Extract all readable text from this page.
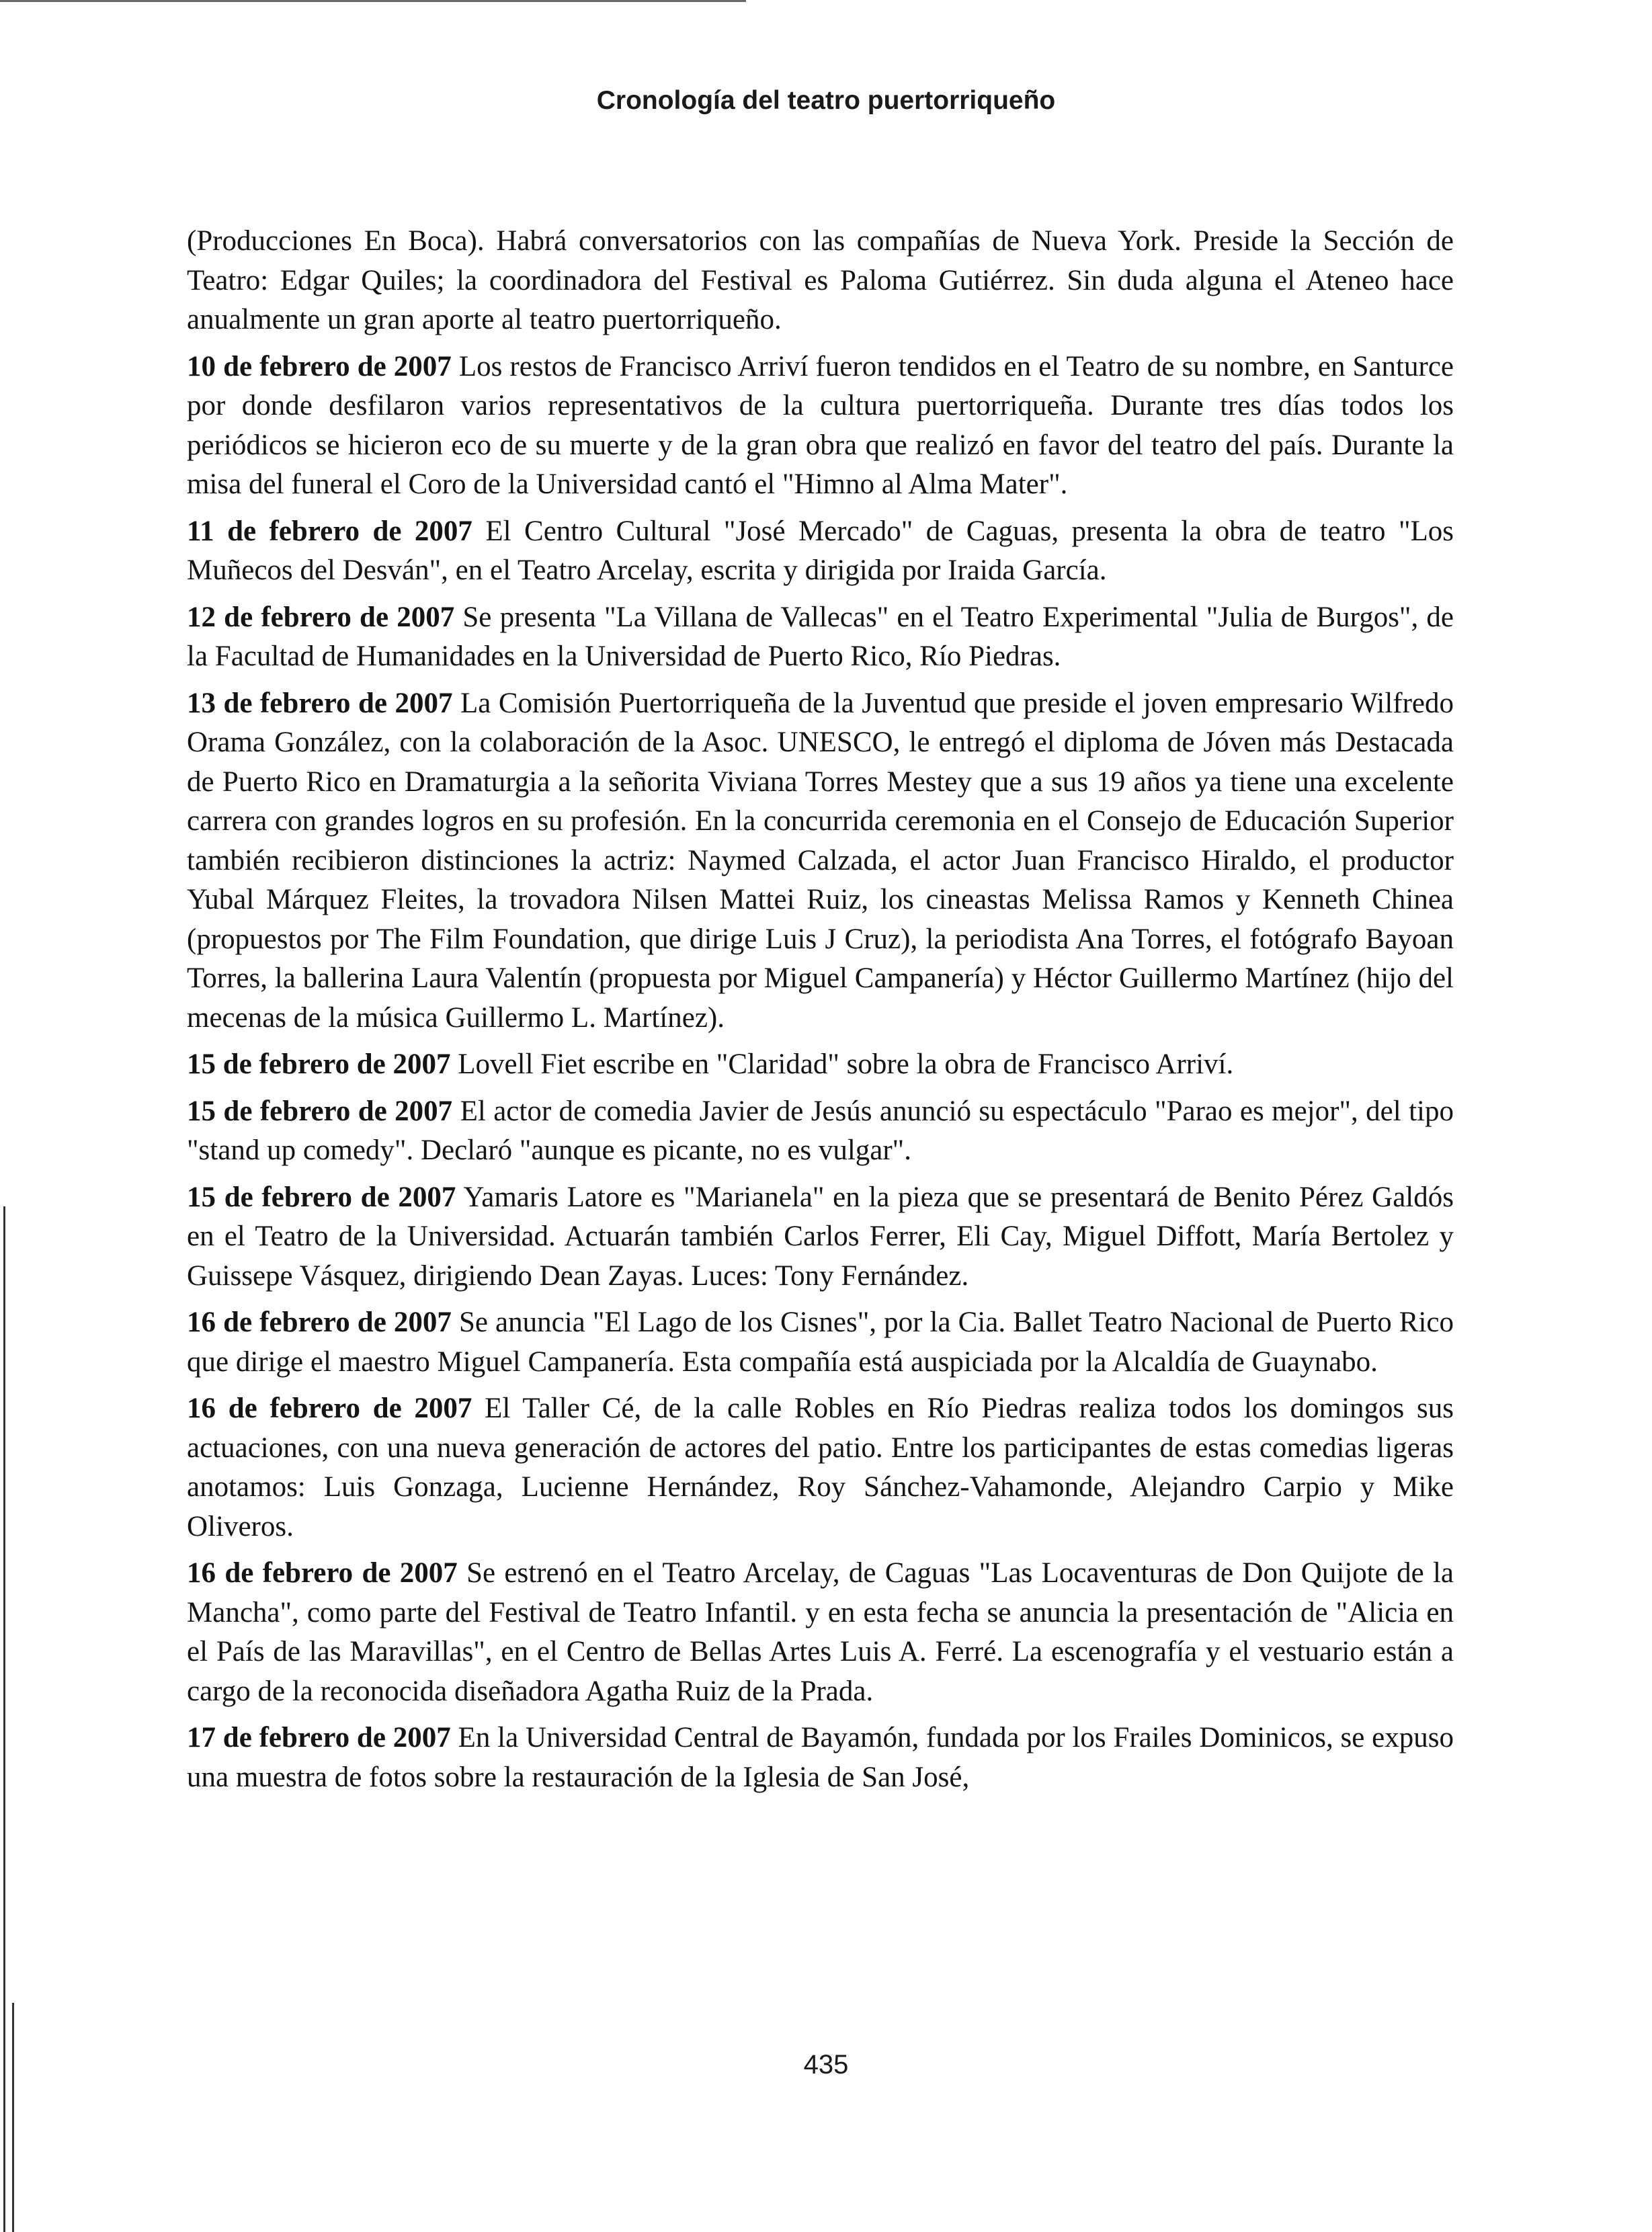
Cronología del teatro puertorriqueño

(Producciones En Boca). Habrá conversatorios con las compañías de Nueva York. Preside la Sección de Teatro: Edgar Quiles; la coordinadora del Festival es Paloma Gutiérrez. Sin duda alguna el Ateneo hace anualmente un gran aporte al teatro puertorriqueño.

10 de febrero de 2007 Los restos de Francisco Arriví fueron tendidos en el Teatro de su nombre, en Santurce por donde desfilaron varios representativos de la cultura puertorriqueña. Durante tres días todos los periódicos se hicieron eco de su muerte y de la gran obra que realizó en favor del teatro del país. Durante la misa del funeral el Coro de la Universidad cantó el "Himno al Alma Mater".

11 de febrero de 2007 El Centro Cultural "José Mercado" de Caguas, presenta la obra de teatro "Los Muñecos del Desván", en el Teatro Arcelay, escrita y dirigida por Iraida García.

12 de febrero de 2007 Se presenta "La Villana de Vallecas" en el Teatro Experimental "Julia de Burgos", de la Facultad de Humanidades en la Universidad de Puerto Rico, Río Piedras.

13 de febrero de 2007 La Comisión Puertorriqueña de la Juventud que preside el joven empresario Wilfredo Orama González, con la colaboración de la Asoc. UNESCO, le entregó el diploma de Jóven más Destacada de Puerto Rico en Dramaturgia a la señorita Viviana Torres Mestey que a sus 19 años ya tiene una excelente carrera con grandes logros en su profesión. En la concurrida ceremonia en el Consejo de Educación Superior también recibieron distinciones la actriz: Naymed Calzada, el actor Juan Francisco Hiraldo, el productor Yubal Márquez Fleites, la trovadora Nilsen Mattei Ruiz, los cineastas Melissa Ramos y Kenneth Chinea (propuestos por The Film Foundation, que dirige Luis J Cruz), la periodista Ana Torres, el fotógrafo Bayoan Torres, la ballerina Laura Valentín (propuesta por Miguel Campanería) y Héctor Guillermo Martínez (hijo del mecenas de la música Guillermo L. Martínez).

15 de febrero de 2007 Lovell Fiet escribe en "Claridad" sobre la obra de Francisco Arriví.

15 de febrero de 2007 El actor de comedia Javier de Jesús anunció su espectáculo "Parao es mejor", del tipo "stand up comedy". Declaró "aunque es picante, no es vulgar".

15 de febrero de 2007 Yamaris Latore es "Marianela" en la pieza que se presentará de Benito Pérez Galdós en el Teatro de la Universidad. Actuarán también Carlos Ferrer, Eli Cay, Miguel Diffott, María Bertolez y Guissepe Vásquez, dirigiendo Dean Zayas. Luces: Tony Fernández.

16 de febrero de 2007 Se anuncia "El Lago de los Cisnes", por la Cia. Ballet Teatro Nacional de Puerto Rico que dirige el maestro Miguel Campanería. Esta compañía está auspiciada por la Alcaldía de Guaynabo.

16 de febrero de 2007 El Taller Cé, de la calle Robles en Río Piedras realiza todos los domingos sus actuaciones, con una nueva generación de actores del patio. Entre los participantes de estas comedias ligeras anotamos: Luis Gonzaga, Lucienne Hernández, Roy Sánchez-Vahamonde, Alejandro Carpio y Mike Oliveros.

16 de febrero de 2007 Se estrenó en el Teatro Arcelay, de Caguas "Las Locaventuras de Don Quijote de la Mancha", como parte del Festival de Teatro Infantil. y en esta fecha se anuncia la presentación de "Alicia en el País de las Maravillas", en el Centro de Bellas Artes Luis A. Ferré. La escenografía y el vestuario están a cargo de la reconocida diseñadora Agatha Ruiz de la Prada.

17 de febrero de 2007 En la Universidad Central de Bayamón, fundada por los Frailes Dominicos, se expuso una muestra de fotos sobre la restauración de la Iglesia de San José,

435
